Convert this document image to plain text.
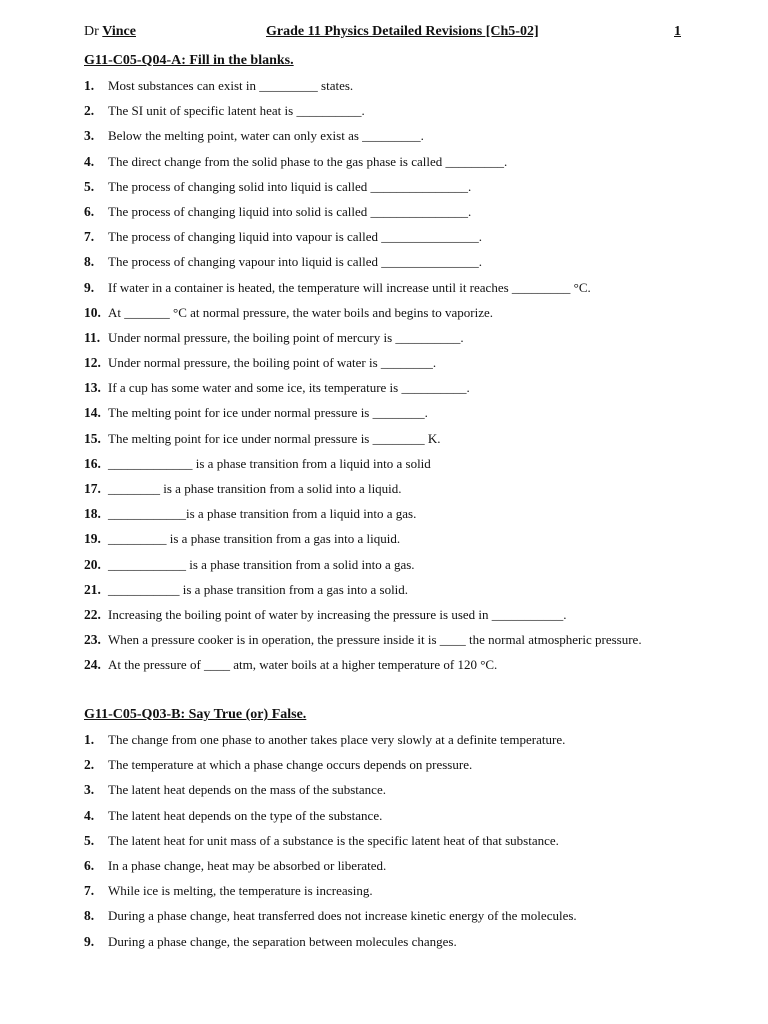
Dr Vince	Grade 11 Physics Detailed Revisions [Ch5-02]	1
G11-C05-Q04-A: Fill in the blanks.
1.	Most substances can exist in _________ states.
2.	The SI unit of specific latent heat is __________.
3.	Below the melting point, water can only exist as _________.
4.	The direct change from the solid phase to the gas phase is called _________.
5.	The process of changing solid into liquid is called _______________.
6.	The process of changing liquid into solid is called _______________.
7.	The process of changing liquid into vapour is called _______________.
8.	The process of changing vapour into liquid is called _______________.
9.	If water in a container is heated, the temperature will increase until it reaches _________ °C.
10. At _______ °C at normal pressure, the water boils and begins to vaporize.
11. Under normal pressure, the boiling point of mercury is __________.
12. Under normal pressure, the boiling point of water is ________.
13. If a cup has some water and some ice, its temperature is __________.
14. The melting point for ice under normal pressure is ________.
15. The melting point for ice under normal pressure is ________ K.
16. _____________ is a phase transition from a liquid into a solid
17. ________ is a phase transition from a solid into a liquid.
18. ____________is a phase transition from a liquid into a gas.
19. _________ is a phase transition from a gas into a liquid.
20. ____________ is a phase transition from a solid into a gas.
21. ___________ is a phase transition from a gas into a solid.
22. Increasing the boiling point of water by increasing the pressure is used in ___________.
23. When a pressure cooker is in operation, the pressure inside it is ____ the normal atmospheric pressure.
24. At the pressure of ____ atm, water boils at a higher temperature of 120 °C.
G11-C05-Q03-B: Say True (or) False.
1.	The change from one phase to another takes place very slowly at a definite temperature.
2.	The temperature at which a phase change occurs depends on pressure.
3.	The latent heat depends on the mass of the substance.
4.	The latent heat depends on the type of the substance.
5.	The latent heat for unit mass of a substance is the specific latent heat of that substance.
6.	In a phase change, heat may be absorbed or liberated.
7.	While ice is melting, the temperature is increasing.
8.	During a phase change, heat transferred does not increase kinetic energy of the molecules.
9.	During a phase change, the separation between molecules changes.
